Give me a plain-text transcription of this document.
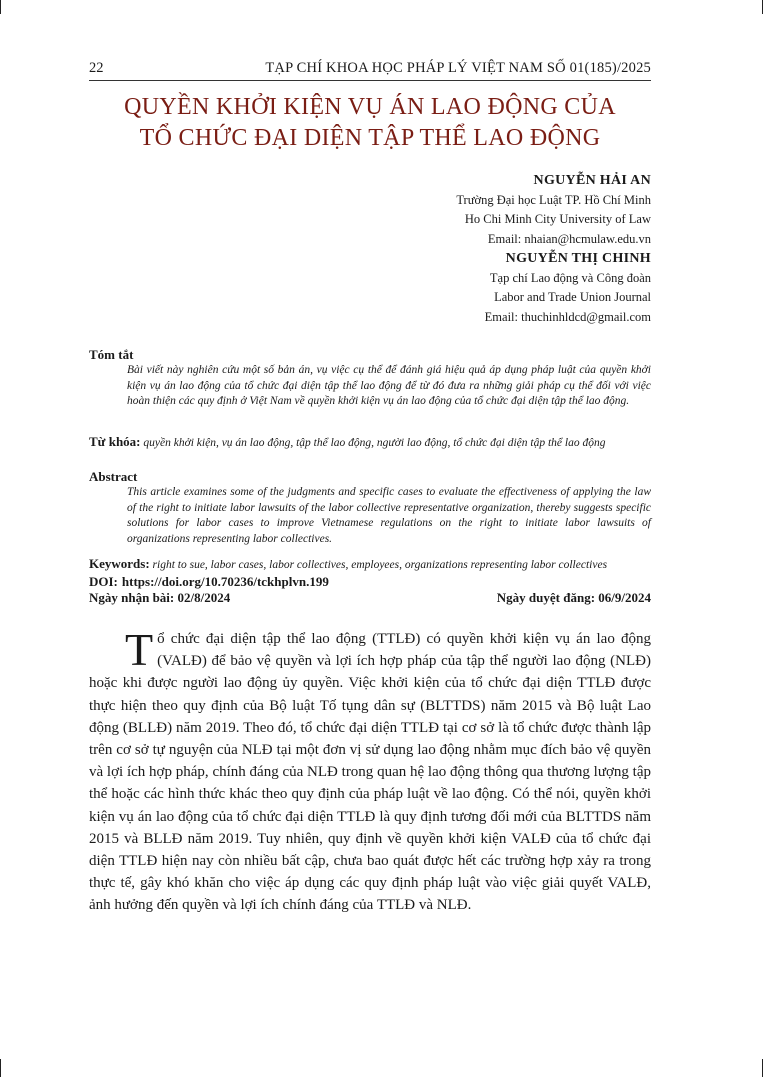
22	TẠP CHÍ KHOA HỌC PHÁP LÝ VIỆT NAM SỐ 01(185)/2025
QUYỀN KHỞI KIỆN VỤ ÁN LAO ĐỘNG CỦA
TỔ CHỨC ĐẠI DIỆN TẬP THỂ LAO ĐỘNG
NGUYỄN HẢI AN
Trường Đại học Luật TP. Hồ Chí Minh
Ho Chi Minh City University of Law
Email: nhaian@hcmulaw.edu.vn
NGUYỄN THỊ CHINH
Tạp chí Lao động và Công đoàn
Labor and Trade Union Journal
Email: thuchinhldcd@gmail.com
Tóm tắt

Bài viết này nghiên cứu một số bản án, vụ việc cụ thể để đánh giá hiệu quả áp dụng pháp luật của quyền khởi kiện vụ án lao động của tổ chức đại diện tập thể lao động để từ đó đưa ra những giải pháp cụ thể đối với việc hoàn thiện các quy định ở Việt Nam về quyền khởi kiện vụ án lao động của tổ chức đại diện tập thể lao động.

Từ khóa: quyền khởi kiện, vụ án lao động, tập thể lao động, người lao động, tổ chức đại diện tập thể lao động

Abstract

This article examines some of the judgments and specific cases to evaluate the effectiveness of applying the law of the right to initiate labor lawsuits of the labor collective representative organization, thereby suggests specific solutions for labor cases to improve Vietnamese regulations on the right to initiate labor lawsuits of organizations representing labor collectives.

Keywords: right to sue, labor cases, labor collectives, employees, organizations representing labor collectives

DOI: https://doi.org/10.70236/tckhplvn.199
Ngày nhận bài: 02/8/2024	Ngày duyệt đăng: 06/9/2024

Tổ chức đại diện tập thể lao động (TTLĐ) có quyền khởi kiện vụ án lao động (VALĐ) để bảo vệ quyền và lợi ích hợp pháp của tập thể người lao động (NLĐ) hoặc khi được người lao động ủy quyền. Việc khởi kiện của tổ chức đại diện TTLĐ được thực hiện theo quy định của Bộ luật Tố tụng dân sự (BLTTDS) năm 2015 và Bộ luật Lao động (BLLĐ) năm 2019. Theo đó, tổ chức đại diện TTLĐ tại cơ sở là tổ chức được thành lập trên cơ sở tự nguyện của NLĐ tại một đơn vị sử dụng lao động nhằm mục đích bảo vệ quyền và lợi ích hợp pháp, chính đáng của NLĐ trong quan hệ lao động thông qua thương lượng tập thể hoặc các hình thức khác theo quy định của pháp luật về lao động. Có thể nói, quyền khởi kiện vụ án lao động của tổ chức đại diện TTLĐ là quy định tương đối mới của BLTTDS năm 2015 và BLLĐ năm 2019. Tuy nhiên, quy định về quyền khởi kiện VALĐ của tổ chức đại diện TTLĐ hiện nay còn nhiều bất cập, chưa bao quát được hết các trường hợp xảy ra trong thực tế, gây khó khăn cho việc áp dụng các quy định pháp luật vào việc giải quyết VALĐ, ảnh hưởng đến quyền và lợi ích chính đáng của TTLĐ và NLĐ.
